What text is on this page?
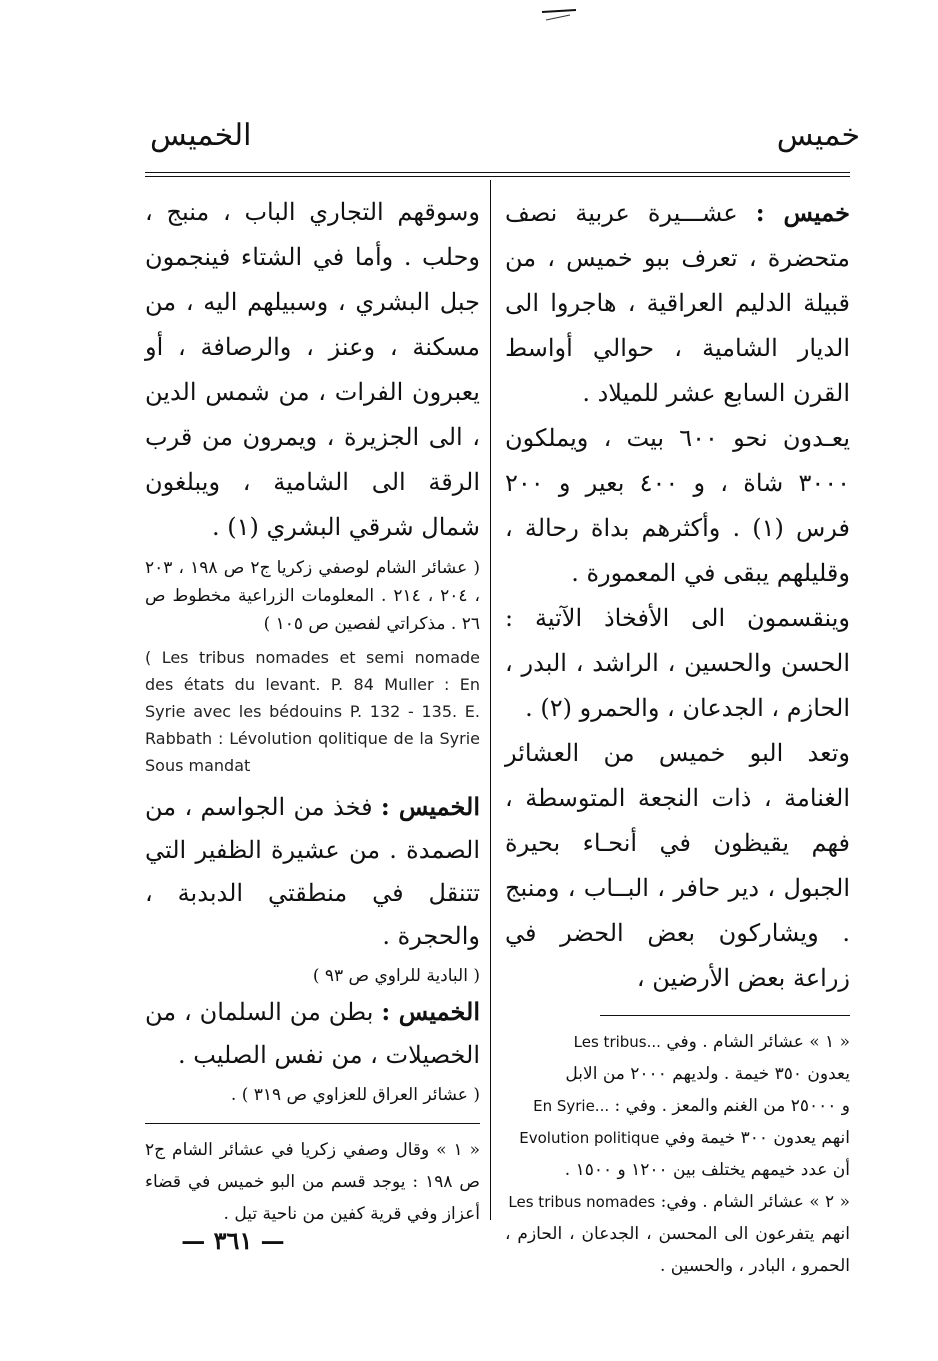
خميس
الخميس

خميس : عشـــيرة عربية نصف متحضرة ، تعرف ببو خميس ، من قبيلة الدليم العراقية ، هاجروا الى الديار الشامية ، حوالي أواسط القرن السابع عشر للميلاد .

يعـدون نحو ٦٠٠ بيت ، ويملكون ٣٠٠٠ شاة ، و ٤٠٠ بعير و ٢٠٠ فرس (١) . وأكثرهم بداة رحالة ، وقليلهم يبقى في المعمورة .

وينقسمون الى الأفخاذ الآتية : الحسن والحسين ، الراشد ، البدر ، الحازم ، الجدعان ، والحمرو (٢) .

وتعد البو خميس من العشائر الغنامة ، ذات النجعة المتوسطة ، فهم يقيظون في أنحـاء بحيرة الجبول ، دير حافر ، البــاب ، ومنبج . ويشاركون بعض الحضر في زراعة بعض الأرضين ،

« ١ » عشائر الشام . وفي Les tribus...

يعدون ٣٥٠ خيمة . ولديهم ٢٠٠٠ من الابل

و ٢٥٠٠٠ من الغنم والمعز . وفي : En Syrie...

انهم يعدون ٣٠٠ خيمة وفي Evolution politique

أن عدد خيمهم يختلف بين ١٢٠٠ و ١٥٠٠ .

« ٢ » عشائر الشام . وفي: Les tribus nomades

انهم يتفرعون الى المحسن ، الجدعان ، الحازم ، الحمرو ، البادر ، والحسين .

وسوقهم التجاري الباب ، منبج ، وحلب . وأما في الشتاء فينجمون جبل البشري ، وسبيلهم اليه ، من مسكنة ، وعنز ، والرصافة ، أو يعبرون الفرات ، من شمس الدين ، الى الجزيرة ، ويمرون من قرب الرقة الى الشامية ، ويبلغون شمال شرقي البشري (١) .

( عشائر الشام لوصفي زكريا ج٢ ص ١٩٨ ، ٢٠٣ ، ٢٠٤ ، ٢١٤ . المعلومات الزراعية مخطوط ص ٢٦ . مذكراتي لفصين ص ١٠٥ )

( Les tribus nomades et semi nomade des états du levant. P. 84 Muller : En Syrie avec les bédouins P. 132 - 135. E. Rabbath : Lévolution qolitique de la Syrie Sous mandat

الخميس : فخذ من الجواسم ، من الصمدة . من عشيرة الظفير التي تتنقل في منطقتي الدبدبة ، والحجرة .

( البادية للراوي ص ٩٣ )

الخميس : بطن من السلمان ، من الخصيلات ، من نفس الصليب .

( عشائر العراق للعزاوي ص ٣١٩ ) .

« ١ » وقال وصفي زكريا في عشائر الشام ج٢ ص ١٩٨ : يوجد قسم من البو خميس في قضاء أعزاز وفي قرية كفين من ناحية تيل .

— ٣٦١ —
